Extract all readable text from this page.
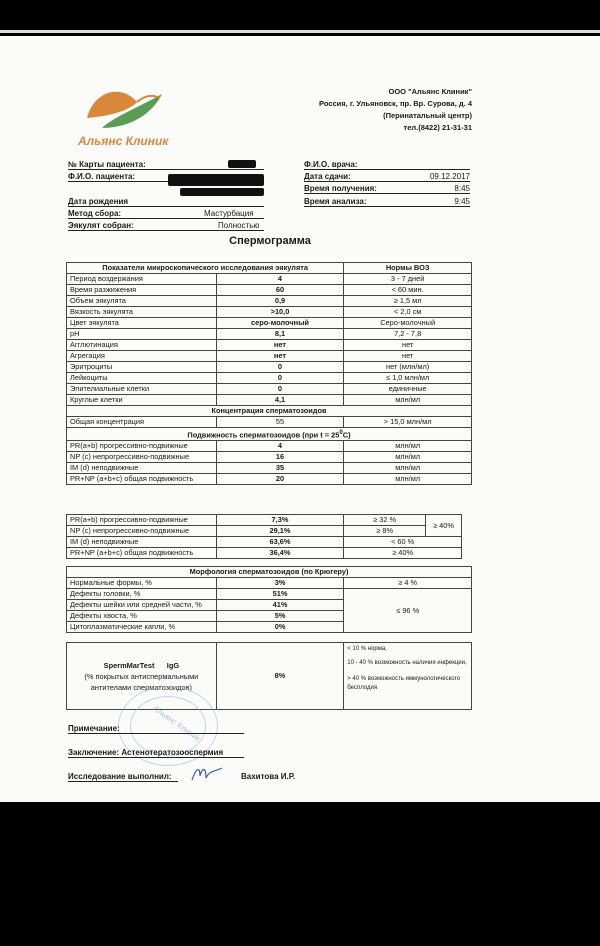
Альянс Клиник
ООО "Альянс Клиник"
Россия, г. Ульяновск, пр. Вр. Сурова, д. 4
(Перинатальный центр)
тел.(8422) 21-31-31
№ Карты пациента:
Ф.И.О. пациента:
Дата рождения
Метод сбора:	Мастурбация
Эякулят собран:	Полностью
Ф.И.О. врача:
Дата сдачи:	09.12.2017
Время получения:	8:45
Время анализа:	9:45
Спермограмма
Показатели микроскопического исследования эякулята		Нормы ВОЗ
Период воздержания	4	3 - 7 дней
Время разжижения	60	< 60 мин.
Объем эякулята	0,9	≥ 1,5 мл
Вязкость эякулята	>10,0	< 2,0 см
Цвет эякулята	серо-молочный	Серо-молочный
pH	8,1	7,2 - 7,8
Агглютинация	нет	нет
Агрегация	нет	нет
Эритроциты	0	нет (млн/мл)
Лейкоциты	0	≤ 1,0 млн/мл
Эпителиальные клетки	0	единичные
Круглые клетки	4,1	млн/мл
Концентрация сперматозоидов		
Общая концентрация	55	> 15,0 млн/мл
Подвижность сперматозоидов (при $t = 25^0С$)		
PR(a+b) прогрессивно-подвижные	4	млн/мл
NP (c) непрогрессивно-подвижные	16	млн/мл
IM (d) неподвижные	35	млн/мл
PR+NP (a+b+c) общая подвижность	20	млн/мл
PR(a+b) прогрессивно-подвижные	7,3%	≥ 32 %	≥ 40%
NP (c) непрогрессивно-подвижные	29,1%	≥ 8%	
IM (d) неподвижные	63,6%	< 60 %	
PR+NP (a+b+c) общая подвижность	36,4%	≥ 40%	
Морфология сперматозоидов (по Крюгеру)		
Нормальные формы, %	3%	≥ 4 %
Дефекты головки, %	51%	≤ 96 %
Дефекты шейки или средней части, %	41%	
Дефекты хвоста, %	5%	
Цитоплазматические капли, %	0%	
SpermMarTest IgG
(% покрытых антиспермальными антителами сперматозоидов)
	8%	
< 10 % норма,
10 - 40 % возможность наличия инфекции,
> 40 % возможность иммунологического бесплодия
Альянс Клиник
Примечание:
Заключение: Астенотератозооспермия
Исследование выполнил:	Вахитова И.Р.
